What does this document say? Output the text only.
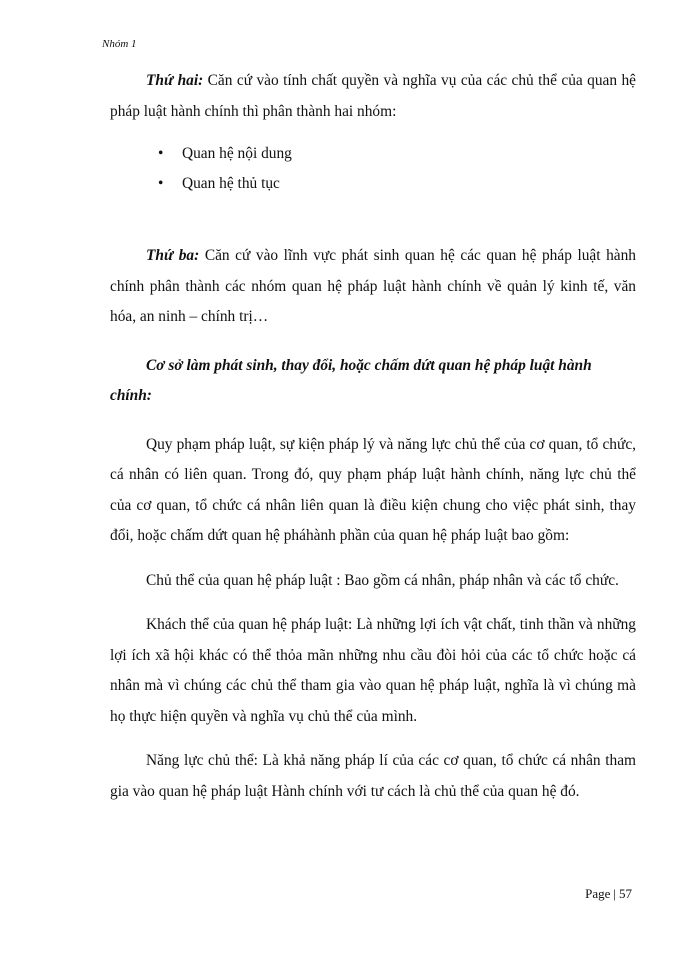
Nhóm 1

Thứ hai: Căn cứ vào tính chất quyền và nghĩa vụ của các chủ thể của quan hệ pháp luật hành chính thì phân thành hai nhóm:

• Quan hệ nội dung
• Quan hệ thủ tục

Thứ ba: Căn cứ vào lĩnh vực phát sinh quan hệ các quan hệ pháp luật hành chính phân thành các nhóm quan hệ pháp luật hành chính về quản lý kinh tế, văn hóa, an ninh – chính trị…

Cơ sở làm phát sinh, thay đổi, hoặc chấm dứt quan hệ pháp luật hành chính:

Quy phạm pháp luật, sự kiện pháp lý và năng lực chủ thể của cơ quan, tổ chức, cá nhân có liên quan. Trong đó, quy phạm pháp luật hành chính, năng lực chủ thể của cơ quan, tổ chức cá nhân liên quan là điều kiện chung cho việc phát sinh, thay đổi, hoặc chấm dứt quan hệ pháhành phần của quan hệ pháp luật bao gồm:

Chủ thể của quan hệ pháp luật : Bao gồm cá nhân, pháp nhân và các tổ chức.

Khách thể của quan hệ pháp luật: Là những lợi ích vật chất, tinh thần và những lợi ích xã hội khác có thể thỏa mãn những nhu cầu đòi hỏi của các tổ chức hoặc cá nhân mà vì chúng các chủ thể tham gia vào quan hệ pháp luật, nghĩa là vì chúng mà họ thực hiện quyền và nghĩa vụ chủ thể của mình.

Năng lực chủ thể: Là khả năng pháp lí của các cơ quan, tổ chức cá nhân tham gia vào quan hệ pháp luật Hành chính với tư cách là chủ thể của quan hệ đó.

Page | 57
